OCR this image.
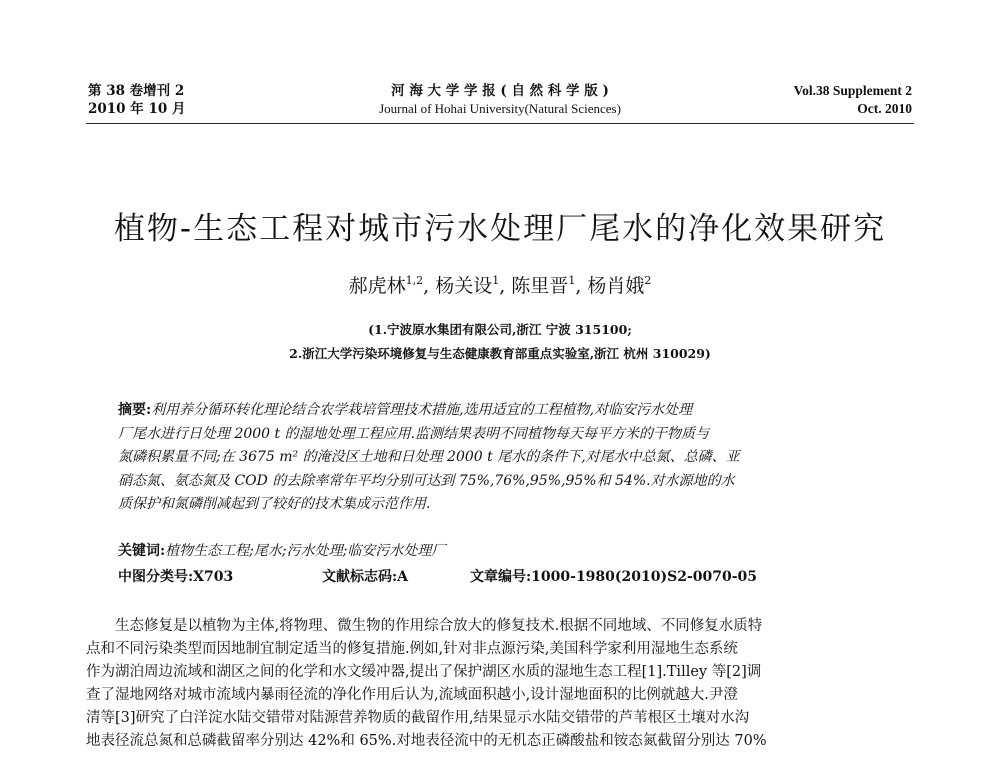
第 38 卷增刊 2
2010 年 10 月
河 海 大 学 学 报 ( 自 然 科 学 版 )
Journal of Hohai University(Natural Sciences)
Vol.38 Supplement 2
Oct. 2010
植物-生态工程对城市污水处理厂尾水的净化效果研究
郝虎林$^{1,2}$, 杨关设$^1$, 陈里晋$^1$, 杨肖娥$^2$
(1.宁波原水集团有限公司,浙江 宁波 315100;
2.浙江大学污染环境修复与生态健康教育部重点实验室,浙江 杭州 310029)
摘要:利用养分循环转化理论结合农学栽培管理技术措施,选用适宜的工程植物,对临安污水处理
厂尾水进行日处理 2000 t 的湿地处理工程应用.监测结果表明不同植物每天每平方米的干物质与
氮磷积累量不同;在 3675 m² 的淹没区土地和日处理 2000 t 尾水的条件下,对尾水中总氮、总磷、亚
硝态氮、氨态氮及 COD 的去除率常年平均分别可达到 75%,76%,95%,95%和 54%.对水源地的水
质保护和氮磷削减起到了较好的技术集成示范作用.
关键词:植物生态工程;尾水;污水处理;临安污水处理厂
中图分类号:X703	文献标志码:A	文章编号:1000-1980(2010)S2-0070-05
生态修复是以植物为主体,将物理、微生物的作用综合放大的修复技术.根据不同地域、不同修复水质特
点和不同污染类型而因地制宜制定适当的修复措施.例如,针对非点源污染,美国科学家利用湿地生态系统
作为湖泊周边流域和湖区之间的化学和水文缓冲器,提出了保护湖区水质的湿地生态工程[1].Tilley 等[2]调
查了湿地网络对城市流域内暴雨径流的净化作用后认为,流域面积越小,设计湿地面积的比例就越大.尹澄
清等[3]研究了白洋淀水陆交错带对陆源营养物质的截留作用,结果显示水陆交错带的芦苇根区土壤对水沟
地表径流总氮和总磷截留率分别达 42%和 65%.对地表径流中的无机态正磷酸盐和铵态氮截留分别达 70%
